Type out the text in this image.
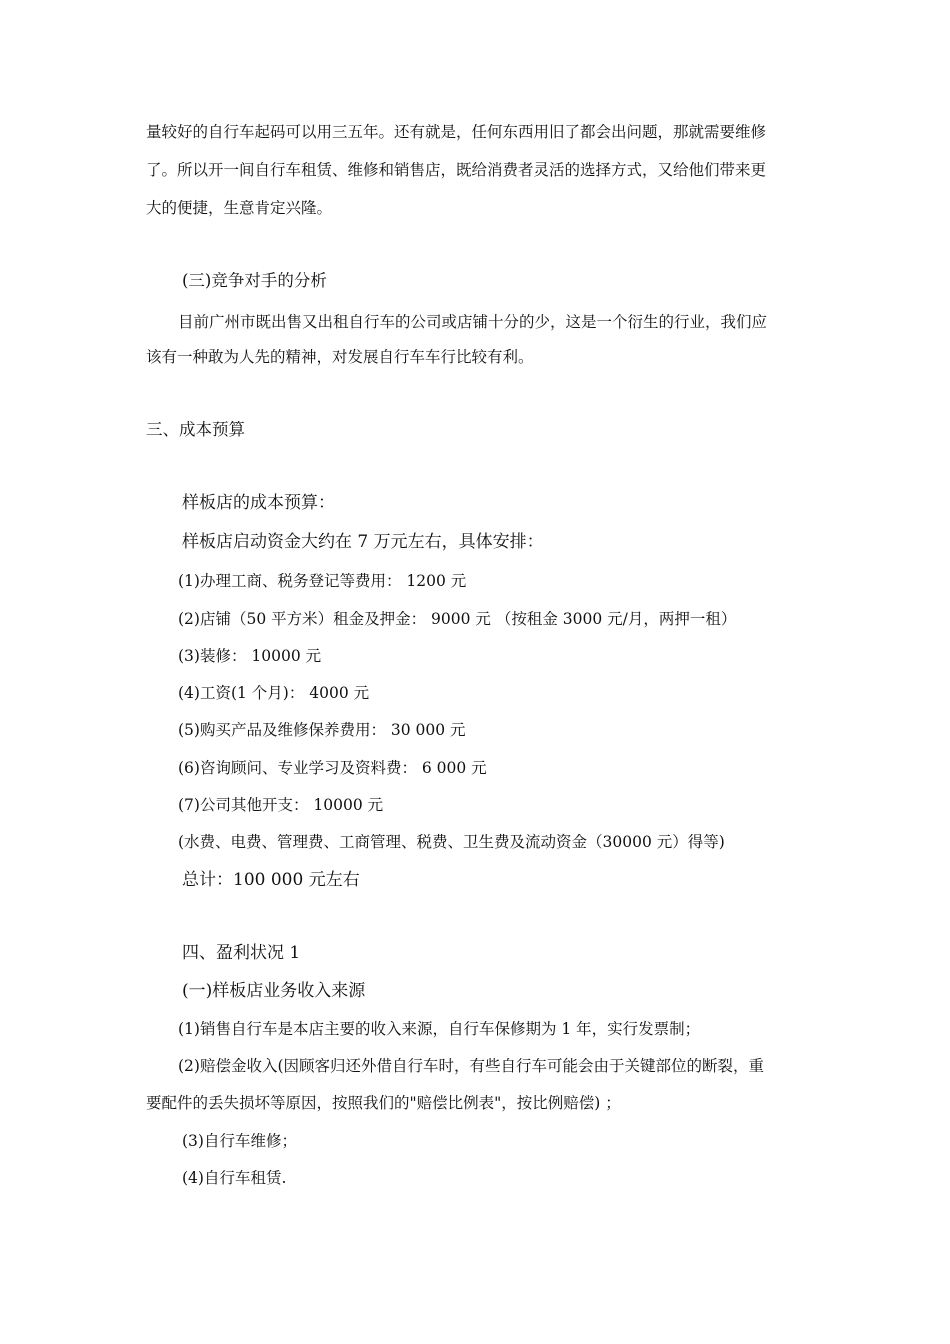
量较好的自行车起码可以用三五年。还有就是，任何东西用旧了都会出问题，那就需要维修
了。所以开一间自行车租赁、维修和销售店，既给消费者灵活的选择方式，又给他们带来更
大的便捷，生意肯定兴隆。
(三)竞争对手的分析
目前广州市既出售又出租自行车的公司或店铺十分的少，这是一个衍生的行业，我们应
该有一种敢为人先的精神，对发展自行车车行比较有利。
三、成本预算
样板店的成本预算：
样板店启动资金大约在 7 万元左右，具体安排：
(1)办理工商、税务登记等费用： 1200 元
(2)店铺（50 平方米）租金及押金： 9000 元 （按租金 3000 元/月，两押一租）
(3)装修： 10000 元
(4)工资(1 个月)： 4000 元
(5)购买产品及维修保养费用： 30 000 元
(6)咨询顾问、专业学习及资料费： 6 000 元
(7)公司其他开支： 10000 元
(水费、电费、管理费、工商管理、税费、卫生费及流动资金（30000 元）得等)
总计：100 000 元左右
四、盈利状况 1
(一)样板店业务收入来源
(1)销售自行车是本店主要的收入来源，自行车保修期为 1 年，实行发票制；
(2)赔偿金收入(因顾客归还外借自行车时，有些自行车可能会由于关键部位的断裂，重
要配件的丢失损坏等原因，按照我们的"赔偿比例表"，按比例赔偿) ；
(3)自行车维修；
(4)自行车租赁.
